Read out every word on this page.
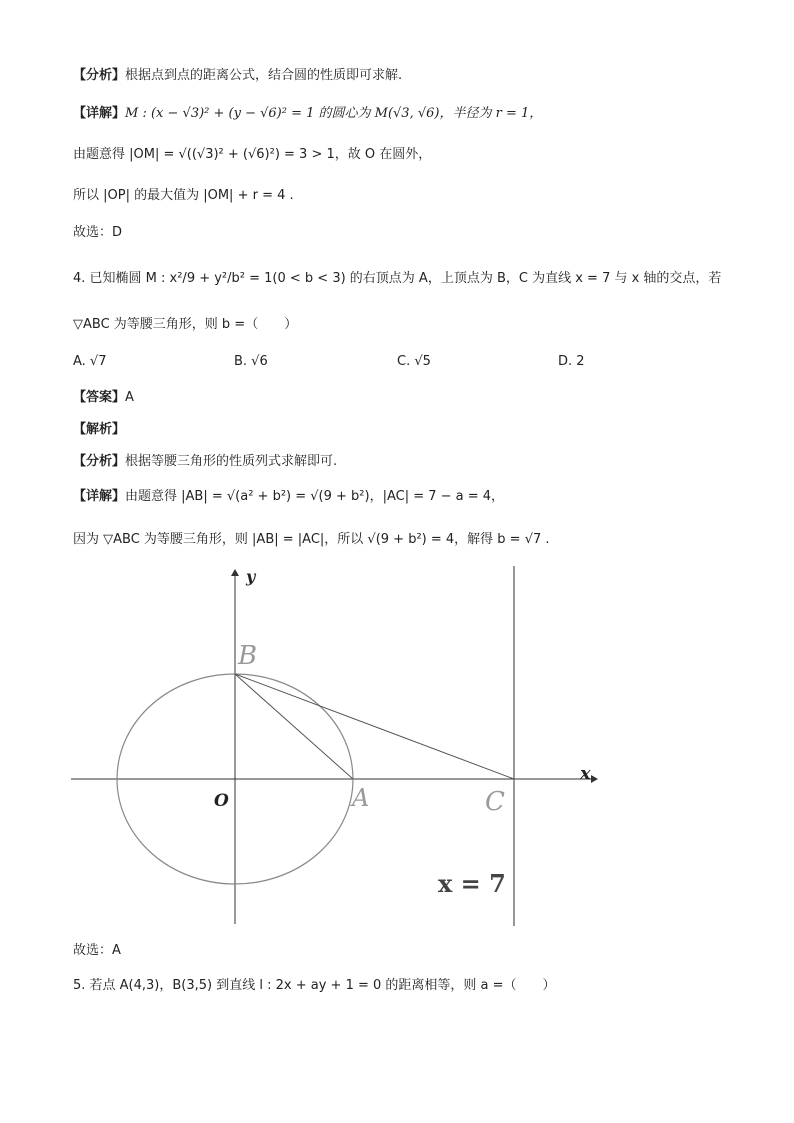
【分析】根据点到点的距离公式，结合圆的性质即可求解.
【详解】M : (x − √3)² + (y − √6)² = 1 的圆心为 M(√3, √6)，半径为 r = 1，
由题意得 |OM| = √((√3)² + (√6)²) = 3 > 1，故 O 在圆外，
所以 |OP| 的最大值为 |OM| + r = 4 .
故选：D
4. 已知椭圆 M : x²/9 + y²/b² = 1(0 < b < 3) 的右顶点为 A，上顶点为 B，C 为直线 x = 7 与 x 轴的交点，若
▽ABC 为等腰三角形，则 b =（　　）
A. √7	B. √6	C. √5	D. 2
【答案】A
【解析】
【分析】根据等腰三角形的性质列式求解即可.
【详解】由题意得 |AB| = √(a² + b²) = √(9 + b²)，|AC| = 7 − a = 4，
因为 ▽ABC 为等腰三角形，则 |AB| = |AC|，所以 √(9 + b²) = 4，解得 b = √7 .
y
x
O
B
A	C
x = 7
故选：A
5. 若点 A(4,3)，B(3,5) 到直线 l : 2x + ay + 1 = 0 的距离相等，则 a =（　　）
